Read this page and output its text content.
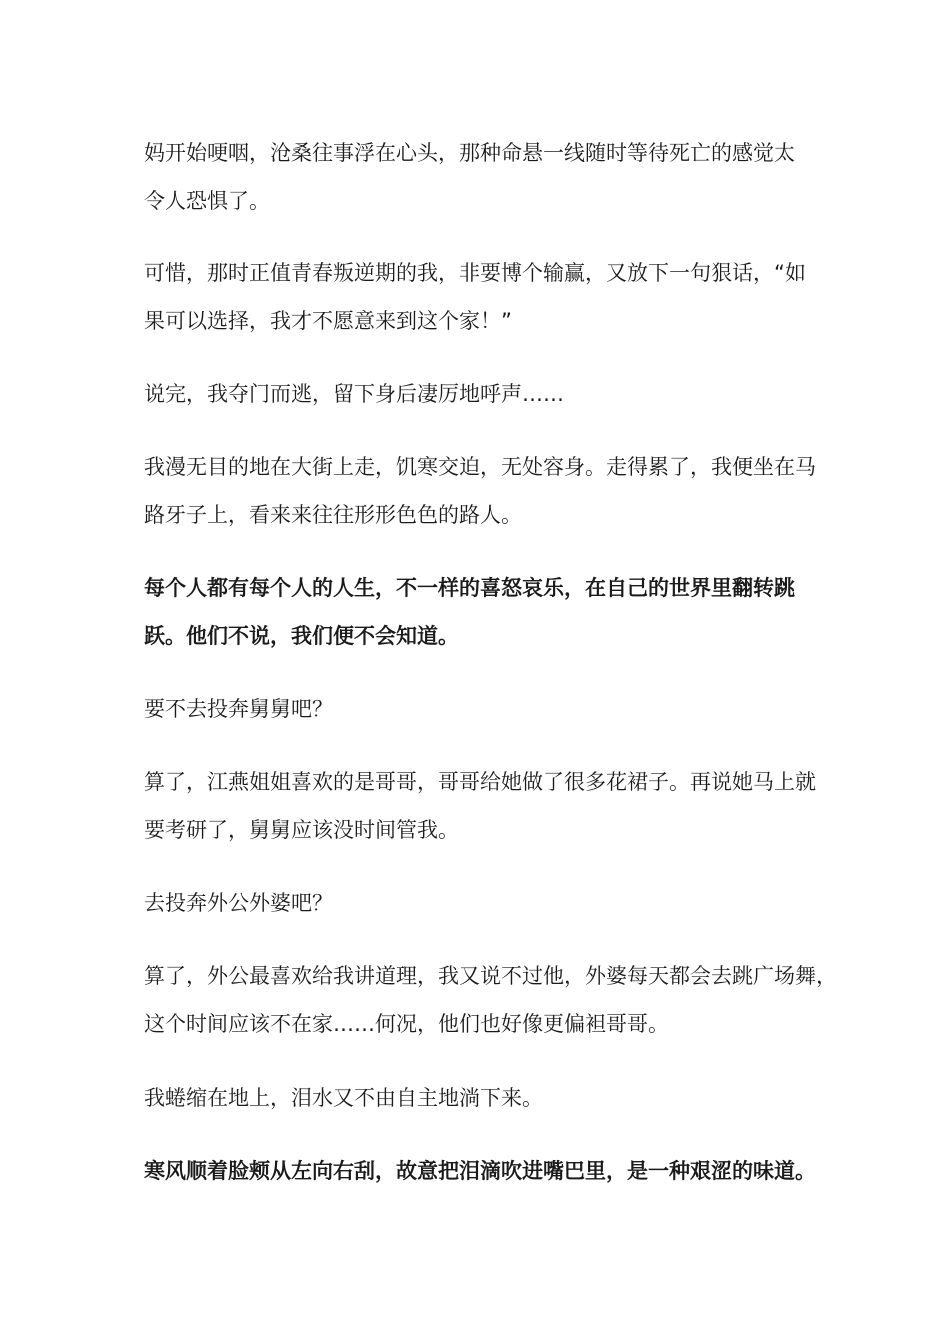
妈开始哽咽，沧桑往事浮在心头，那种命悬一线随时等待死亡的感觉太
令人恐惧了。

可惜，那时正值青春叛逆期的我，非要博个输赢，又放下一句狠话，“如
果可以选择，我才不愿意来到这个家！”

说完，我夺门而逃，留下身后凄厉地呼声……

我漫无目的地在大街上走，饥寒交迫，无处容身。走得累了，我便坐在马
路牙子上，看来来往往形形色色的路人。

每个人都有每个人的人生，不一样的喜怒哀乐，在自己的世界里翻转跳
跃。他们不说，我们便不会知道。

要不去投奔舅舅吧？

算了，江燕姐姐喜欢的是哥哥，哥哥给她做了很多花裙子。再说她马上就
要考研了，舅舅应该没时间管我。

去投奔外公外婆吧？

算了，外公最喜欢给我讲道理，我又说不过他，外婆每天都会去跳广场舞，
这个时间应该不在家……何况，他们也好像更偏袒哥哥。

我蜷缩在地上，泪水又不由自主地淌下来。

寒风顺着脸颊从左向右刮，故意把泪滴吹进嘴巴里，是一种艰涩的味道。
